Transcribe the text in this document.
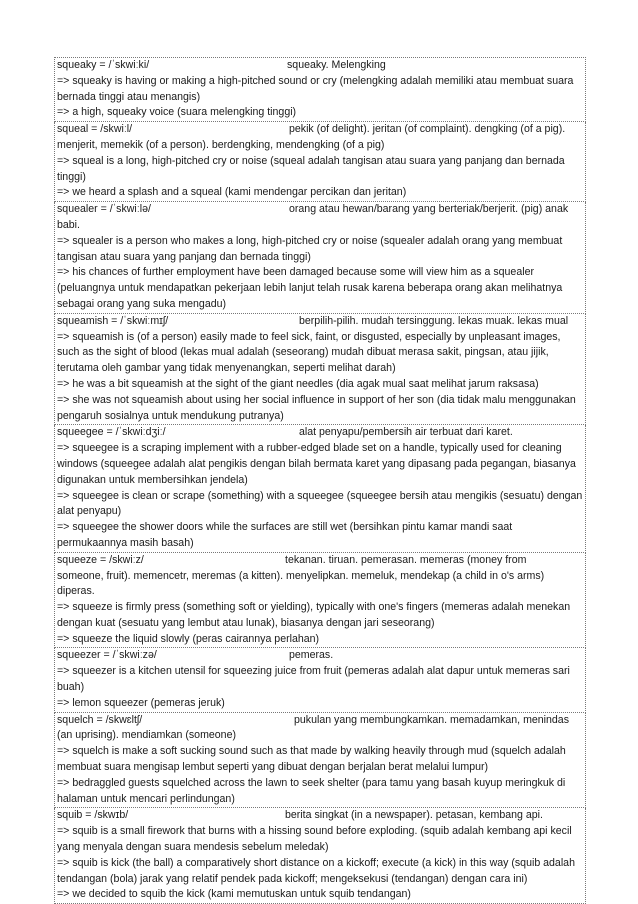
squeaky = /ˈskwiːki/	squeaky. Melengking
=> squeaky is having or making a high-pitched sound or cry (melengking adalah memiliki atau membuat suara bernada tinggi atau menangis)
=> a high, squeaky voice (suara melengking tinggi)
squeal = /skwiːl/	pekik (of delight). jeritan (of complaint). dengking (of a pig).
menjerit, memekik (of a person). berdengking, mendengking (of a pig)
=> squeal is a long, high-pitched cry or noise (squeal adalah tangisan atau suara yang panjang dan bernada tinggi)
=> we heard a splash and a squeal (kami mendengar percikan dan jeritan)
squealer = /ˈskwiːlə/	orang atau hewan/barang yang berteriak/berjerit. (pig) anak
babi.
=> squealer is a person who makes a long, high-pitched cry or noise (squealer adalah orang yang membuat tangisan atau suara yang panjang dan bernada tinggi)
=> his chances of further employment have been damaged because some will view him as a squealer (peluangnya untuk mendapatkan pekerjaan lebih lanjut telah rusak karena beberapa orang akan melihatnya sebagai orang yang suka mengadu)
squeamish = /ˈskwiːmɪʃ/	berpilih-pilih. mudah tersinggung. lekas muak. lekas mual
=> squeamish is (of a person) easily made to feel sick, faint, or disgusted, especially by unpleasant images, such as the sight of blood (lekas mual adalah (seseorang) mudah dibuat merasa sakit, pingsan, atau jijik, terutama oleh gambar yang tidak menyenangkan, seperti melihat darah)
=> he was a bit squeamish at the sight of the giant needles (dia agak mual saat melihat jarum raksasa)
=> she was not squeamish about using her social influence in support of her son (dia tidak malu menggunakan pengaruh sosialnya untuk mendukung putranya)
squeegee = /ˈskwiːdʒiː/	alat penyapu/pembersih air terbuat dari karet.
=> squeegee is a scraping implement with a rubber-edged blade set on a handle, typically used for cleaning windows (squeegee adalah alat pengikis dengan bilah bermata karet yang dipasang pada pegangan, biasanya digunakan untuk membersihkan jendela)
=> squeegee is clean or scrape (something) with a squeegee (squeegee bersih atau mengikis (sesuatu) dengan alat penyapu)
=> squeegee the shower doors while the surfaces are still wet (bersihkan pintu kamar mandi saat permukaannya masih basah)
squeeze = /skwiːz/	tekanan. tiruan. pemerasan. memeras (money from
someone, fruit). memencetr, meremas (a kitten). menyelipkan. memeluk, mendekap (a child in o's arms) diperas.
=> squeeze is firmly press (something soft or yielding), typically with one's fingers (memeras adalah menekan dengan kuat (sesuatu yang lembut atau lunak), biasanya dengan jari seseorang)
=> squeeze the liquid slowly (peras cairannya perlahan)
squeezer = /ˈskwiːzə/	pemeras.
=> squeezer is a kitchen utensil for squeezing juice from fruit (pemeras adalah alat dapur untuk memeras sari buah)
=> lemon squeezer (pemeras jeruk)
squelch = /skwɛltʃ/	pukulan yang membungkamkan. memadamkan, menindas
(an uprising). mendiamkan (someone)
=> squelch is make a soft sucking sound such as that made by walking heavily through mud (squelch adalah membuat suara mengisap lembut seperti yang dibuat dengan berjalan berat melalui lumpur)
=> bedraggled guests squelched across the lawn to seek shelter (para tamu yang basah kuyup meringkuk di halaman untuk mencari perlindungan)
squib = /skwɪb/	berita singkat (in a newspaper). petasan, kembang api.
=> squib is a small firework that burns with a hissing sound before exploding. (squib adalah kembang api kecil yang menyala dengan suara mendesis sebelum meledak)
=> squib is kick (the ball) a comparatively short distance on a kickoff; execute (a kick) in this way (squib adalah tendangan (bola) jarak yang relatif pendek pada kickoff; mengeksekusi (tendangan) dengan cara ini)
=> we decided to squib the kick (kami memutuskan untuk squib tendangan)
